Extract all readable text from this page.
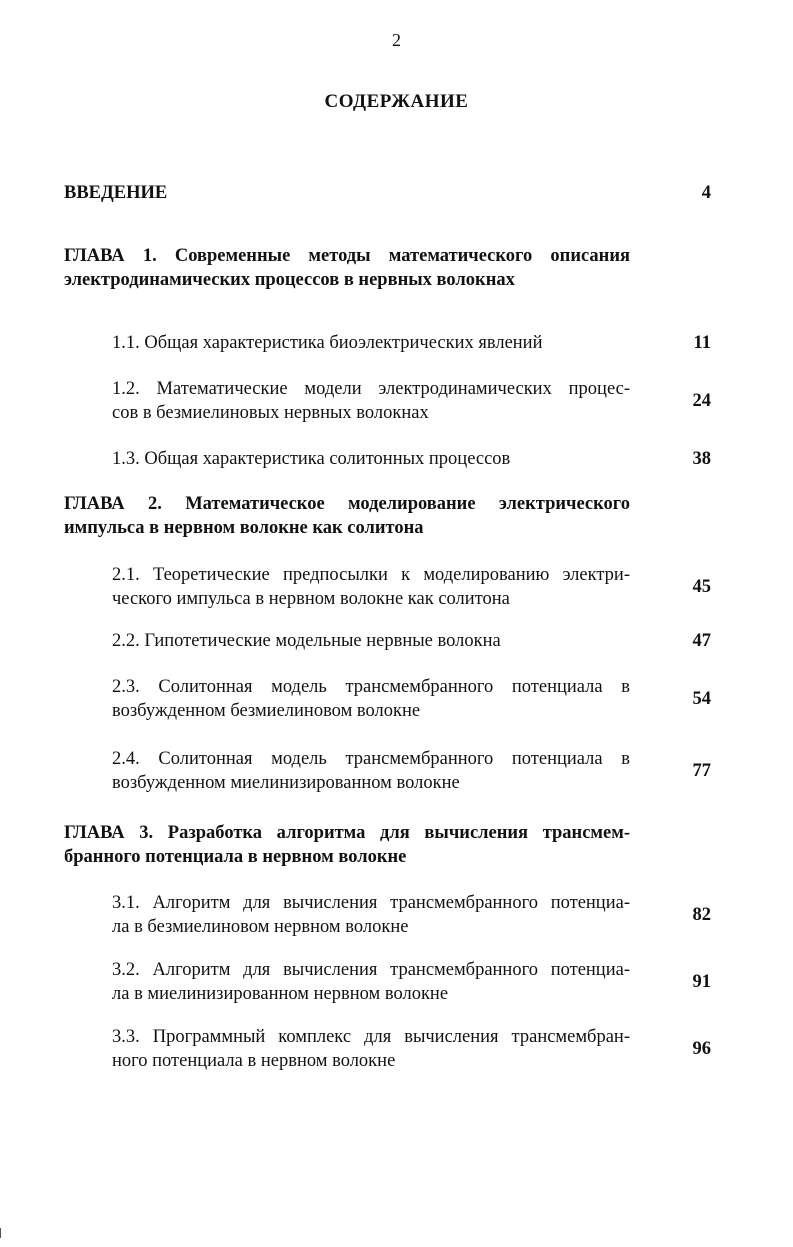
2
СОДЕРЖАНИЕ
ВВЕДЕНИЕ	4
ГЛАВА 1. Современные методы математического описания
электродинамических процессов в нервных волокнах
1.1. Общая характеристика биоэлектрических явлений	11
1.2. Математические модели электродинамических процес-
сов в безмиелиновых нервных волокнах
24
1.3. Общая характеристика солитонных процессов	38
ГЛАВА 2. Математическое моделирование электрического
импульса в нервном волокне как солитона
2.1. Теоретические предпосылки к моделированию электри-
ческого импульса в нервном волокне как солитона
45
2.2. Гипотетические модельные нервные волокна	47
2.3. Солитонная модель трансмембранного потенциала в
возбужденном безмиелиновом волокне
54
2.4. Солитонная модель трансмембранного потенциала в
возбужденном миелинизированном волокне
77
ГЛАВА 3. Разработка алгоритма для вычисления трансмем-
бранного потенциала в нервном волокне
3.1. Алгоритм для вычисления трансмембранного потенциа-
ла в безмиелиновом нервном волокне
82
3.2. Алгоритм для вычисления трансмембранного потенциа-
ла в миелинизированном нервном волокне
91
3.3. Программный комплекс для вычисления трансмембран-
ного потенциала в нервном волокне
96
